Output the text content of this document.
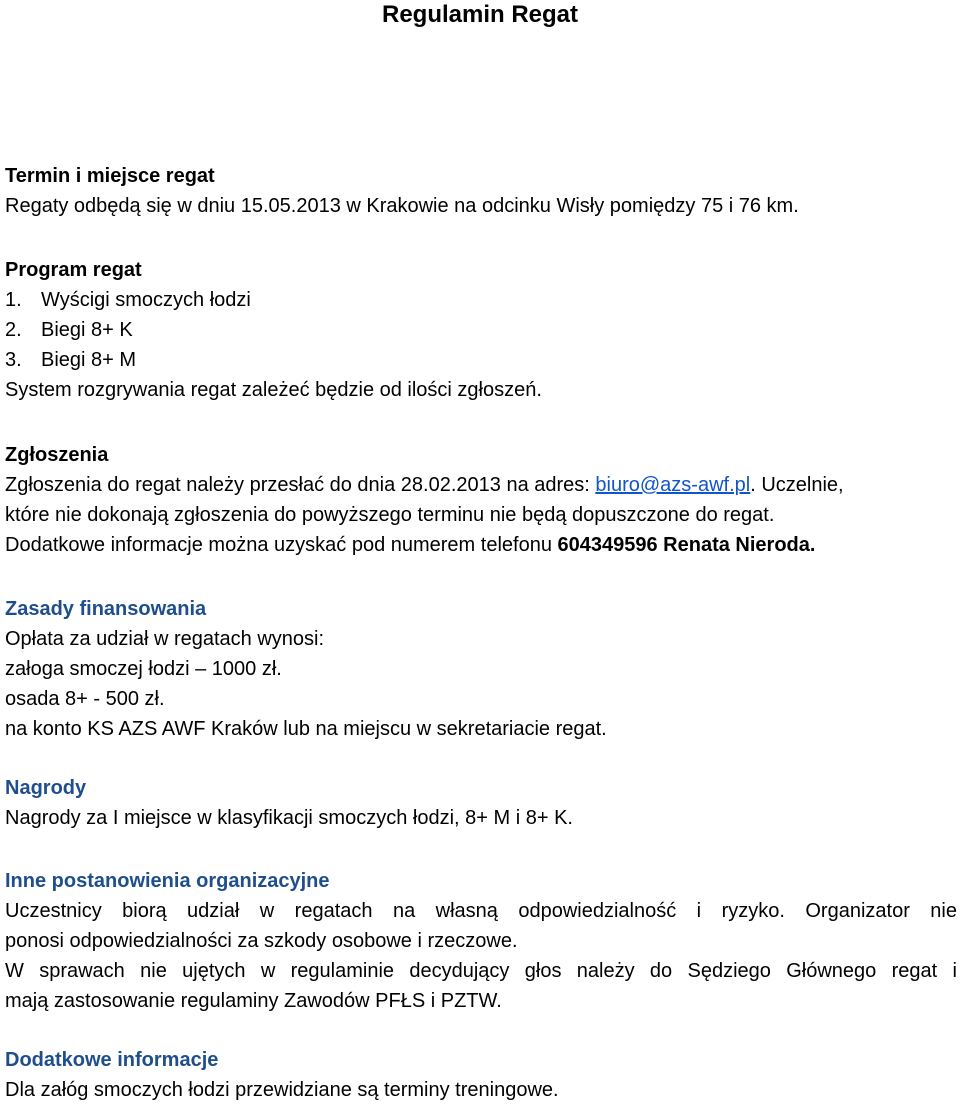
Regulamin Regat
Termin i miejsce regat
Regaty odbędą się w dniu 15.05.2013 w Krakowie na odcinku Wisły pomiędzy 75 i 76 km.
Program regat
1. Wyścigi smoczych łodzi
2. Biegi 8+ K
3. Biegi 8+ M
System rozgrywania regat zależeć będzie od ilości zgłoszeń.
Zgłoszenia
Zgłoszenia do regat należy przesłać do dnia 28.02.2013 na adres: biuro@azs-awf.pl. Uczelnie,
które nie dokonają zgłoszenia do powyższego terminu nie będą dopuszczone do regat.
Dodatkowe informacje można uzyskać pod numerem telefonu 604349596 Renata Nieroda.
Zasady finansowania
Opłata za udział w regatach wynosi:
załoga smoczej łodzi – 1000 zł.
osada 8+ - 500 zł.
na konto KS AZS AWF Kraków lub na miejscu w sekretariacie regat.
Nagrody
Nagrody za I miejsce w klasyfikacji smoczych łodzi, 8+ M i 8+ K.
Inne postanowienia organizacyjne
Uczestnicy biorą udział w regatach na własną odpowiedzialność i ryzyko. Organizator nie
ponosi odpowiedzialności za szkody osobowe i rzeczowe.
W sprawach nie ujętych w regulaminie decydujący głos należy do Sędziego Głównego regat i
mają zastosowanie regulaminy Zawodów PFŁS i PZTW.
Dodatkowe informacje
Dla załóg smoczych łodzi przewidziane są terminy treningowe.
